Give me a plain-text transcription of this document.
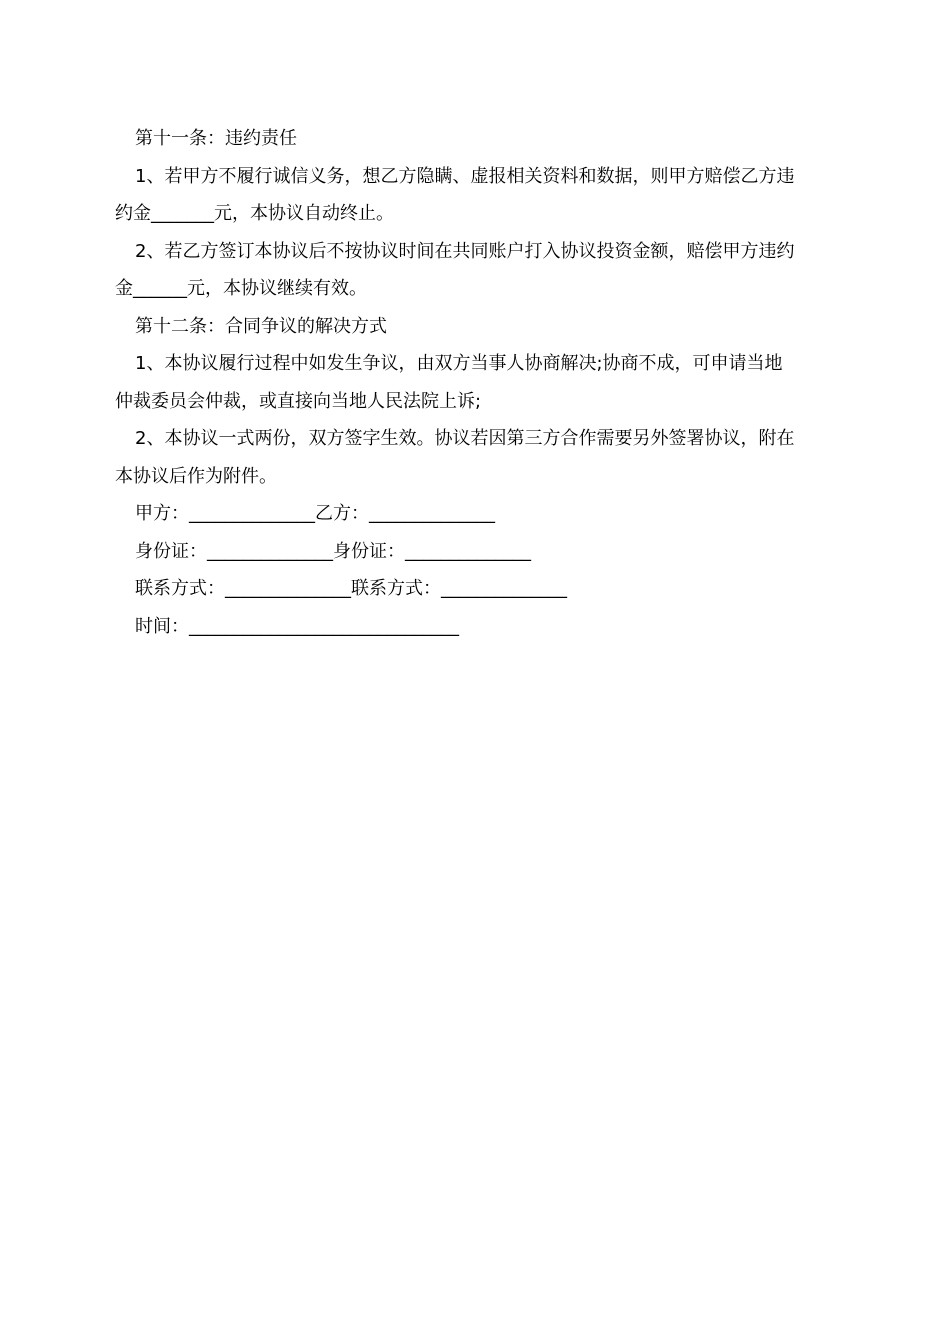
第十一条：违约责任
1、若甲方不履行诚信义务，想乙方隐瞒、虚报相关资料和数据，则甲方赔偿乙方违
约金_______元，本协议自动终止。
2、若乙方签订本协议后不按协议时间在共同账户打入协议投资金额，赔偿甲方违约
金______元，本协议继续有效。
第十二条：合同争议的解决方式
1、本协议履行过程中如发生争议，由双方当事人协商解决;协商不成，可申请当地
仲裁委员会仲裁，或直接向当地人民法院上诉;
2、本协议一式两份，双方签字生效。协议若因第三方合作需要另外签署协议，附在
本协议后作为附件。
甲方：______________乙方：______________
身份证：______________身份证：______________
联系方式：______________联系方式：______________
时间：______________________________
